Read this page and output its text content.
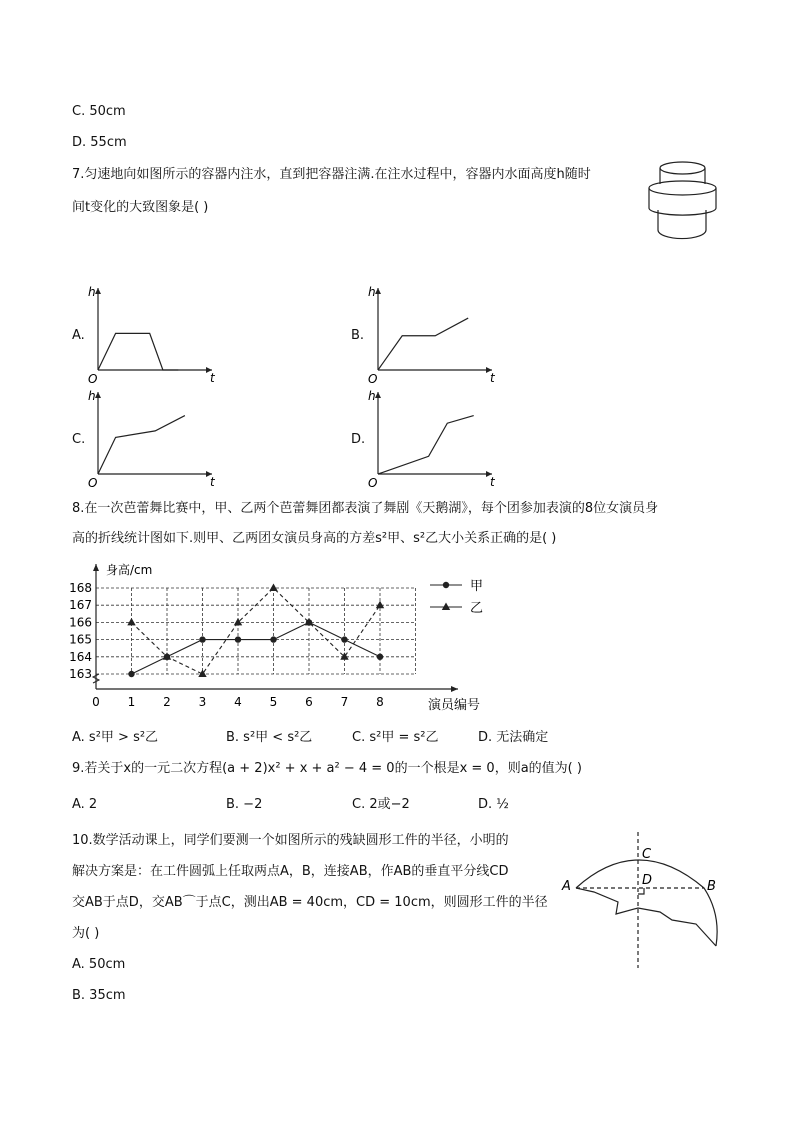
C. 50cm
D. 55cm
7.匀速地向如图所示的容器内注水，直到把容器注满.在注水过程中，容器内水面高度h随时
间t变化的大致图象是( )
A.	B.
C.	D.
h
t
O
h
t
O
h
t
O
h
t
O
8.在一次芭蕾舞比赛中，甲、乙两个芭蕾舞团都表演了舞剧《天鹅湖》，每个团参加表演的8位女演员身
高的折线统计图如下.则甲、乙两团女演员身高的方差s²甲、s²乙大小关系正确的是( )
163
164
165
166
167
168
0 1 2 3 4 5 6 7 8
身高/cm
演员编号
甲
乙
A. s²甲 > s²乙	B. s²甲 < s²乙	C. s²甲 = s²乙	D. 无法确定
9.若关于x的一元二次方程(a + 2)x² + x + a² − 4 = 0的一个根是x = 0，则a的值为( )
A. 2	B. −2	C. 2或−2	D. ½
10.数学活动课上，同学们要测一个如图所示的残缺圆形工件的半径，小明的
解决方案是：在工件圆弧上任取两点A，B，连接AB，作AB的垂直平分线CD
交AB于点D，交AB⌒于点C，测出AB = 40cm，CD = 10cm，则圆形工件的半径
为( )
A. 50cm
B. 35cm
C
D
A	B
